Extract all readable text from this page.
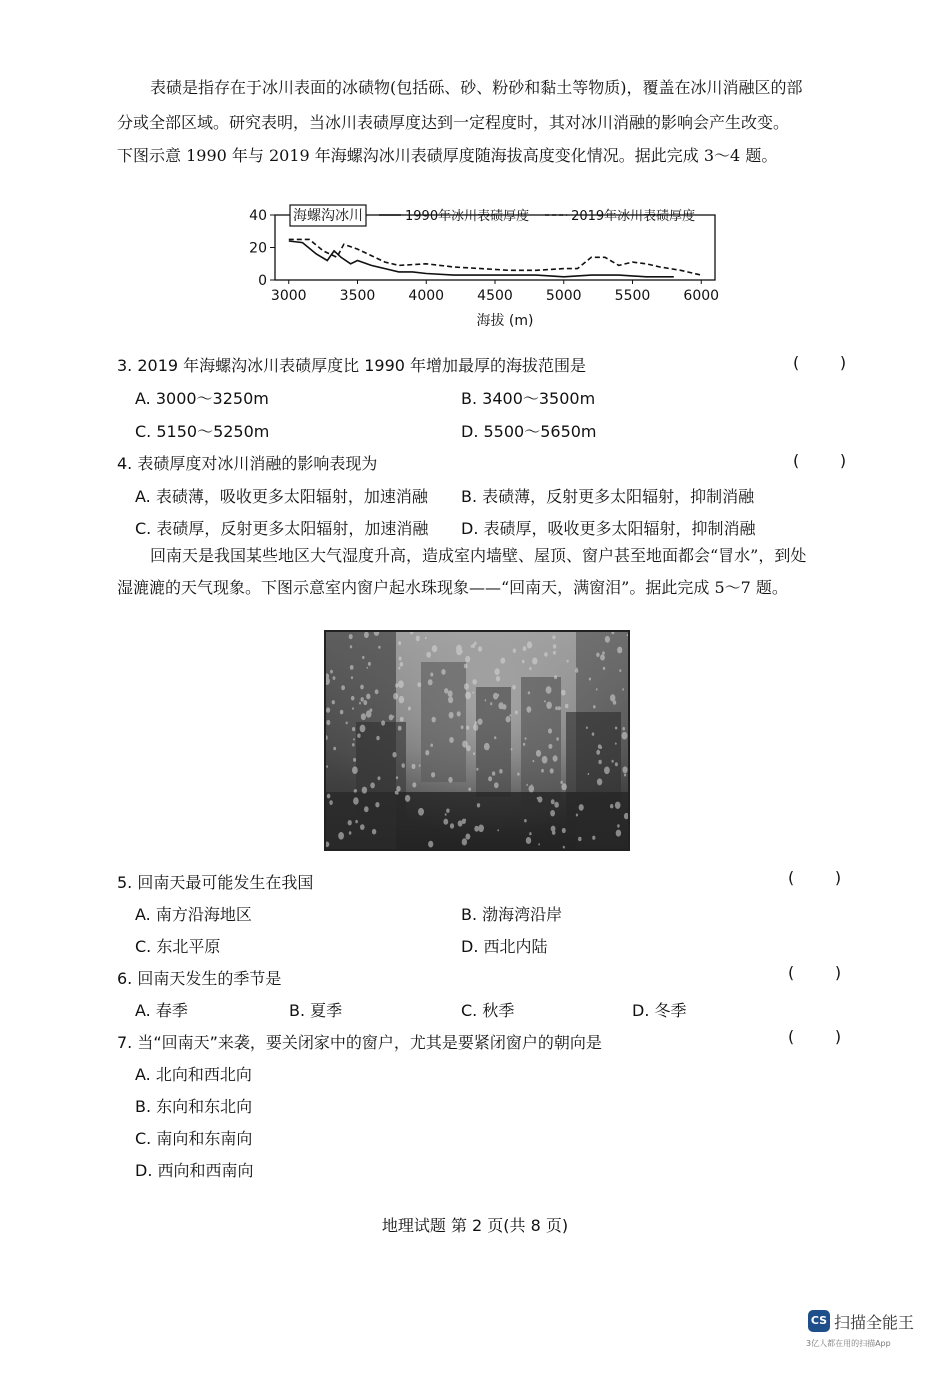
表碛是指存在于冰川表面的冰碛物(包括砾、砂、粉砂和黏土等物质)，覆盖在冰川消融区的部
分或全部区域。研究表明，当冰川表碛厚度达到一定程度时，其对冰川消融的影响会产生改变。
下图示意 1990 年与 2019 年海螺沟冰川表碛厚度随海拔高度变化情况。据此完成 3～4 题。
40
20
0
3000 3500 4000 4500 5000 5500 6000
海拔 (m)
海螺沟冰川	1990年冰川表碛厚度	2019年冰川表碛厚度
3. 2019 年海螺沟冰川表碛厚度比 1990 年增加最厚的海拔范围是	(        )
A. 3000～3250m	B. 3400～3500m
C. 5150～5250m	D. 5500～5650m
4. 表碛厚度对冰川消融的影响表现为	(        )
A. 表碛薄，吸收更多太阳辐射，加速消融 B. 表碛薄，反射更多太阳辐射，抑制消融
C. 表碛厚，反射更多太阳辐射，加速消融 D. 表碛厚，吸收更多太阳辐射，抑制消融
回南天是我国某些地区大气湿度升高，造成室内墙壁、屋顶、窗户甚至地面都会“冒水”，到处
湿漉漉的天气现象。下图示意室内窗户起水珠现象——“回南天，满窗泪”。据此完成 5～7 题。
5. 回南天最可能发生在我国	(        )
A. 南方沿海地区	B. 渤海湾沿岸
C. 东北平原	D. 西北内陆
6. 回南天发生的季节是	(        )
A. 春季	B. 夏季	C. 秋季	D. 冬季
7. 当“回南天”来袭，要关闭家中的窗户，尤其是要紧闭窗户的朝向是	(        )
A. 北向和西北向
B. 东向和东北向
C. 南向和东南向
D. 西向和西南向
地理试题 第 2 页(共 8 页)
CS 扫描全能王
3亿人都在用的扫描App
